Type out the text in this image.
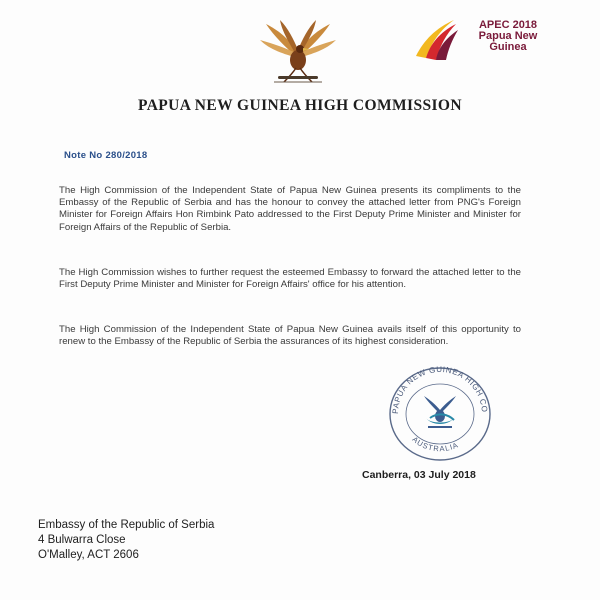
APEC 2018
Papua New
Guinea
PAPUA NEW GUINEA HIGH COMMISSION
Note No 280/2018
The High Commission of the Independent State of Papua New Guinea presents its compliments to the Embassy of the Republic of Serbia and has the honour to convey the attached letter from PNG's Foreign Minister for Foreign Affairs Hon Rimbink Pato addressed to the First Deputy Prime Minister and Minister for Foreign Affairs of the Republic of Serbia.
The High Commission wishes to further request the esteemed Embassy to forward the attached letter to the First Deputy Prime Minister and Minister for Foreign Affairs' office for his attention.
The High Commission of the Independent State of Papua New Guinea avails itself of this opportunity to renew to the Embassy of the Republic of Serbia the assurances of its highest consideration.
PAPUA NEW GUINEA HIGH CO
AUSTRALIA
Canberra, 03 July 2018
Embassy of the Republic of Serbia
4 Bulwarra Close
O'Malley, ACT 2606
